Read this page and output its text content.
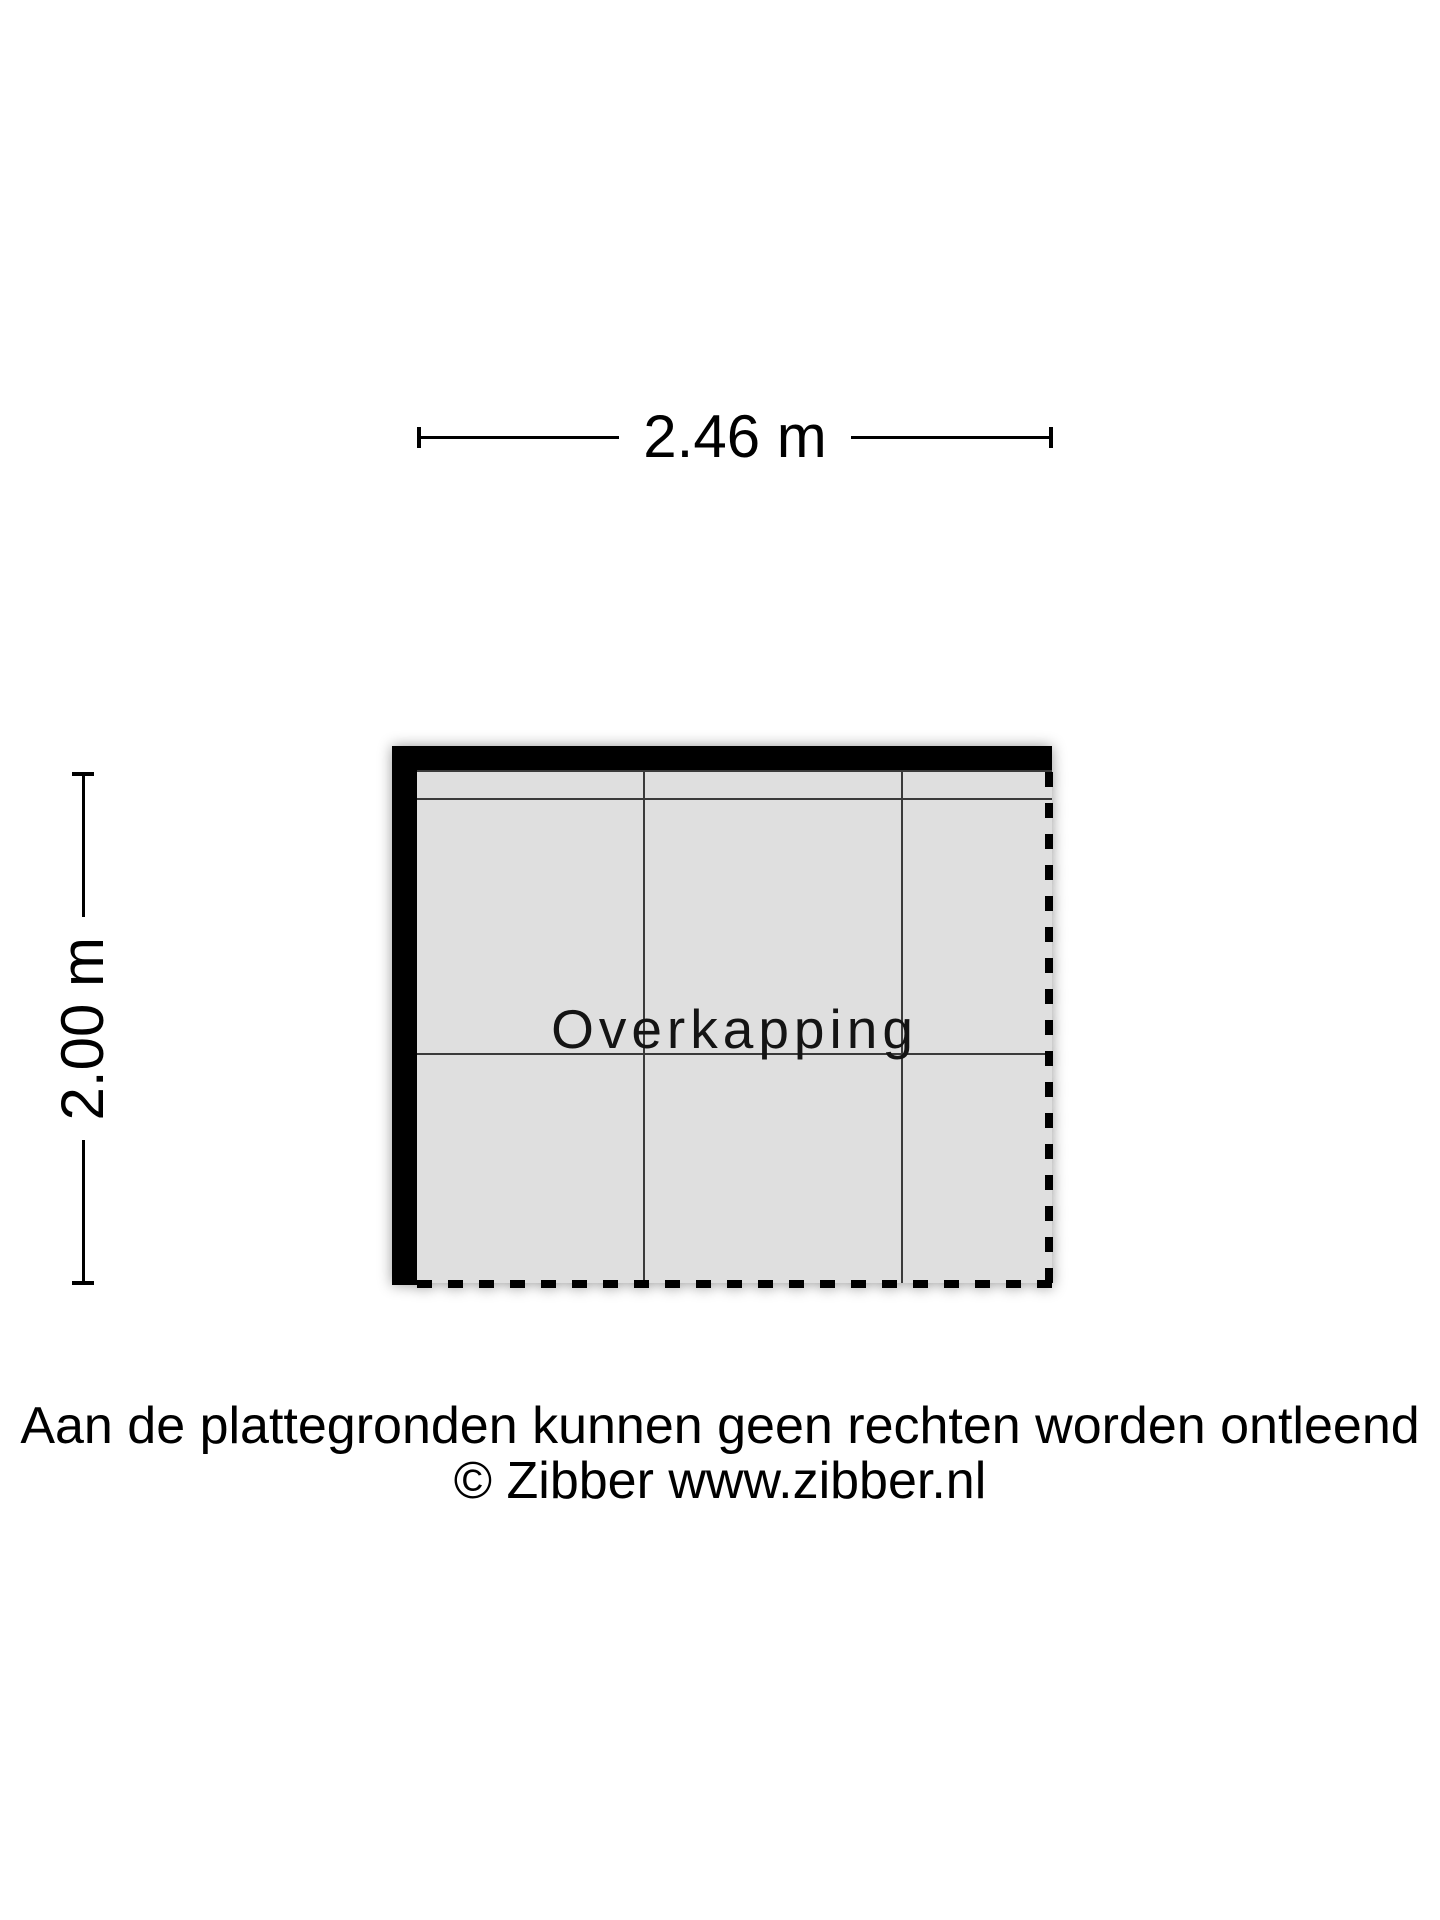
2.46 m
2.00 m	Overkapping
Aan de plattegronden kunnen geen rechten worden ontleend
© Zibber www.zibber.nl
